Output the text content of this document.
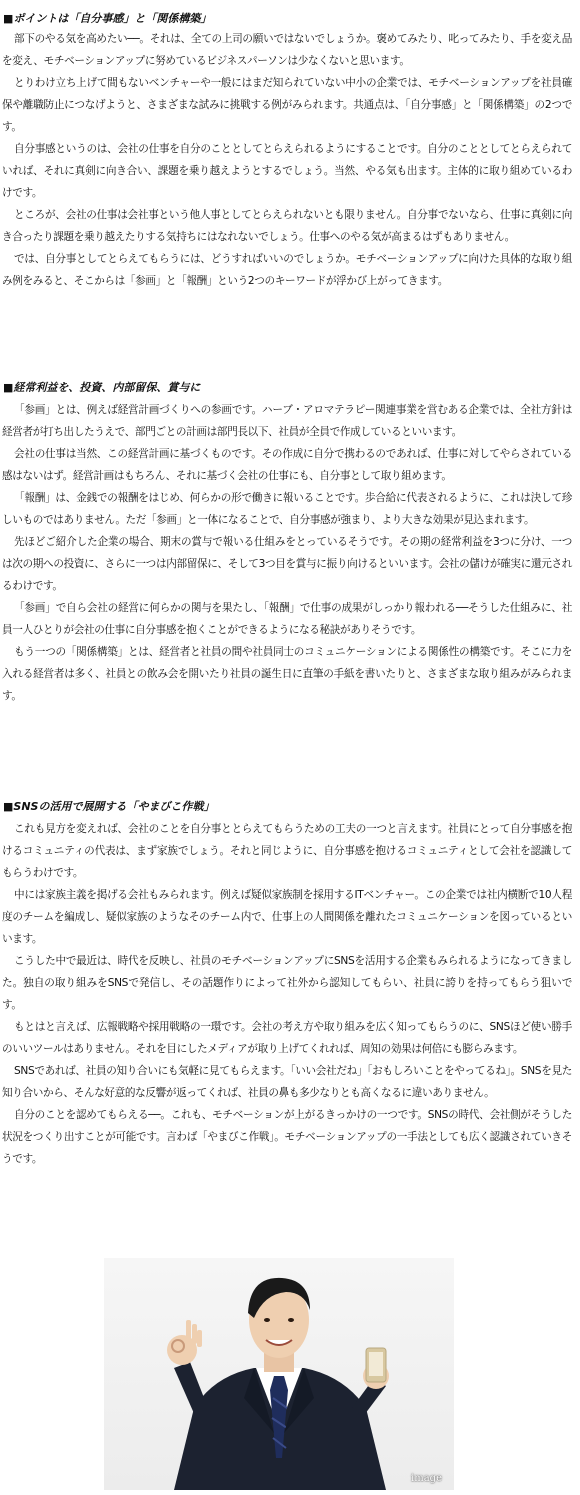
■ポイントは「自分事感」と「関係構築」

部下のやる気を高めたい──。それは、全ての上司の願いではないでしょうか。褒めてみたり、叱ってみたり、手を変え品を変え、モチベーションアップに努めているビジネスパーソンは少なくないと思います。

とりわけ立ち上げて間もないベンチャーや一般にはまだ知られていない中小の企業では、モチベーションアップを社員確保や離職防止につなげようと、さまざまな試みに挑戦する例がみられます。共通点は、「自分事感」と「関係構築」の2つです。

自分事感というのは、会社の仕事を自分のこととしてとらえられるようにすることです。自分のこととしてとらえられていれば、それに真剣に向き合い、課題を乗り越えようとするでしょう。当然、やる気も出ます。主体的に取り組めているわけです。

ところが、会社の仕事は会社事という他人事としてとらえられないとも限りません。自分事でないなら、仕事に真剣に向き合ったり課題を乗り越えたりする気持ちにはなれないでしょう。仕事へのやる気が高まるはずもありません。

では、自分事としてとらえてもらうには、どうすればいいのでしょうか。モチベーションアップに向けた具体的な取り組み例をみると、そこからは「参画」と「報酬」という2つのキーワードが浮かび上がってきます。

■経常利益を、投資、内部留保、賞与に

「参画」とは、例えば経営計画づくりへの参画です。ハーブ・アロマテラピー関連事業を営むある企業では、全社方針は経営者が打ち出したうえで、部門ごとの計画は部門長以下、社員が全員で作成しているといいます。

会社の仕事は当然、この経営計画に基づくものです。その作成に自分で携わるのであれば、仕事に対してやらされている感はないはず。経営計画はもちろん、それに基づく会社の仕事にも、自分事として取り組めます。

「報酬」は、金銭での報酬をはじめ、何らかの形で働きに報いることです。歩合給に代表されるように、これは決して珍しいものではありません。ただ「参画」と一体になることで、自分事感が強まり、より大きな効果が見込まれます。

先ほどご紹介した企業の場合、期末の賞与で報いる仕組みをとっているそうです。その期の経常利益を3つに分け、一つは次の期への投資に、さらに一つは内部留保に、そして3つ目を賞与に振り向けるといいます。会社の儲けが確実に還元されるわけです。

「参画」で自ら会社の経営に何らかの関与を果たし、「報酬」で仕事の成果がしっかり報われる──そうした仕組みに、社員一人ひとりが会社の仕事に自分事感を抱くことができるようになる秘訣がありそうです。

もう一つの「関係構築」とは、経営者と社員の間や社員同士のコミュニケーションによる関係性の構築です。そこに力を入れる経営者は多く、社員との飲み会を開いたり社員の誕生日に直筆の手紙を書いたりと、さまざまな取り組みがみられます。

■SNSの活用で展開する「やまびこ作戦」

これも見方を変えれば、会社のことを自分事ととらえてもらうための工夫の一つと言えます。社員にとって自分事感を抱けるコミュニティの代表は、まず家族でしょう。それと同じように、自分事感を抱けるコミュニティとして会社を認識してもらうわけです。

中には家族主義を掲げる会社もみられます。例えば疑似家族制を採用するITベンチャー。この企業では社内横断で10人程度のチームを編成し、疑似家族のようなそのチーム内で、仕事上の人間関係を離れたコミュニケーションを図っているといいます。

こうした中で最近は、時代を反映し、社員のモチベーションアップにSNSを活用する企業もみられるようになってきました。独自の取り組みをSNSで発信し、その話題作りによって社外から認知してもらい、社員に誇りを持ってもらう狙いです。

もとはと言えば、広報戦略や採用戦略の一環です。会社の考え方や取り組みを広く知ってもらうのに、SNSほど使い勝手のいいツールはありません。それを目にしたメディアが取り上げてくれれば、周知の効果は何倍にも膨らみます。

SNSであれば、社員の知り合いにも気軽に見てもらえます。「いい会社だね」「おもしろいことをやってるね」。SNSを見た知り合いから、そんな好意的な反響が返ってくれば、社員の鼻も多少なりとも高くなるに違いありません。

自分のことを認めてもらえる──。これも、モチベーションが上がるきっかけの一つです。SNSの時代、会社側がそうした状況をつくり出すことが可能です。言わば「やまびこ作戦」。モチベーションアップの一手法としても広く認識されていきそうです。

image
